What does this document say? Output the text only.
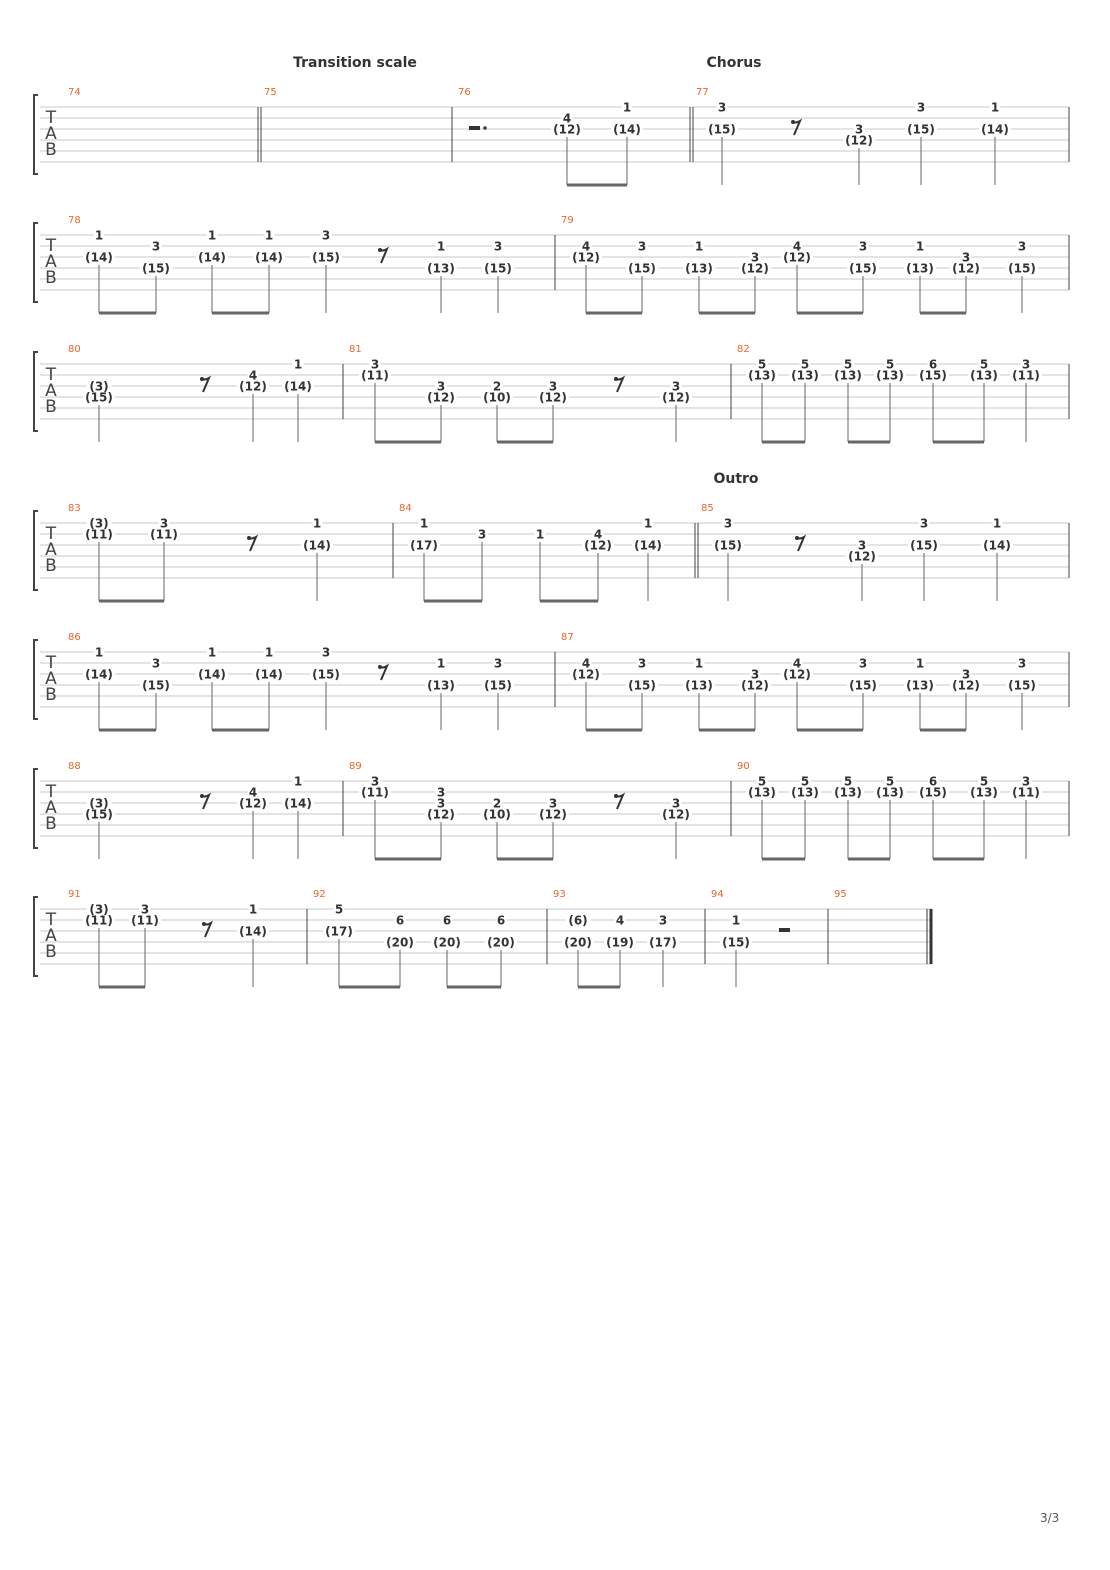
T
A
B
74	75	76
4
(12)
1
(14)
77
3
(15)	3
(12)
3
(15)
1
(14)
Transition scale	Chorus
T
A
B
78
1
(14)
3
(15)
1
(14)
1
(14)
3
(15)
1
(13)
3
(15)
79
4
(12)
3
(15)
1
(13)
3
(12)
4
(12)
3
(15)
1
(13)
3
(12)
3
(15)
T
A
B
80
(3)
(15)
4
(12)
1
(14)
81
3
(11)
3
(12)
2
(10)
3
(12)
3
(12)
82
5
(13)
5
(13)
5
(13)
5
(13)
6
(15)
5
(13)
3
(11)
T
A
B
83
(3)
(11)
3
(11)
1
(14)
84
1
(17)
3	1	4
(12)
1
(14)
85
3
(15)	3
(12)
3
(15)
1
(14)
Outro
T
A
B
86
1
(14)
3
(15)
1
(14)
1
(14)
3
(15)
1
(13)
3
(15)
87
4
(12)
3
(15)
1
(13)
3
(12)
4
(12)
3
(15)
1
(13)
3
(12)
3
(15)
T
A
B
88
(3)
(15)
4
(12)
1
(14)
89
3
(11)	3
3
(12)
2
(10)
3
(12)
3
(12)
90
5
(13)
5
(13)
5
(13)
5
(13)
6
(15)
5
(13)
3
(11)
T
A
B
91
(3)
(11)
3
(11)
1
(14)
92
5
(17)
6
(20)
6
(20)
6
(20)
93
(6)
(20)
4
(19)
3
(17)
94
1
(15)
95
3/3
